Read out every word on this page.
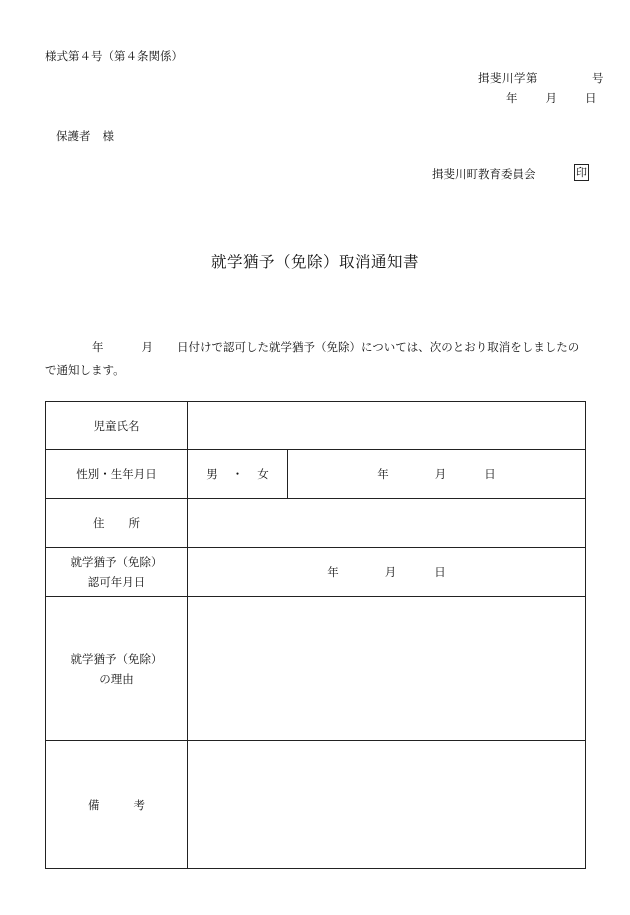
様式第４号（第４条関係）
揖斐川学第	号
年 月 日
保護者 様
揖斐川町教育委員会	印
就学猶予（免除）取消通知書
年	月 日付けで認可した就学猶予（免除）については、次のとおり取消をしましたの
で通知します。
児童氏名		
性別・生年月日	男 ・ 女	年 月 日
住 所		

就学猶予（免除）
認可年月日	年 月 日	

就学猶予（免除）
の理由		

備 考		
